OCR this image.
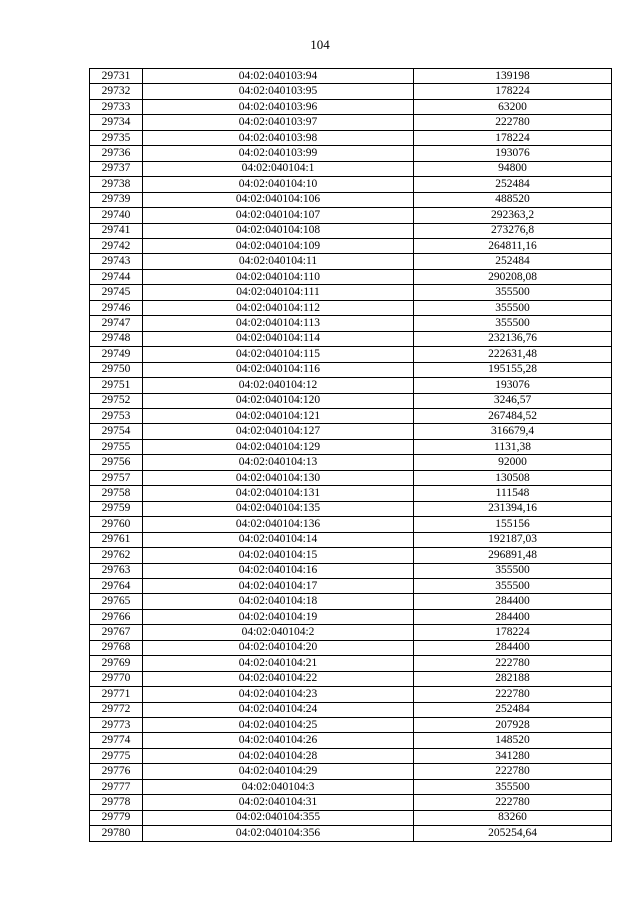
104
29731	04:02:040103:94	139198
29732	04:02:040103:95	178224
29733	04:02:040103:96	63200
29734	04:02:040103:97	222780
29735	04:02:040103:98	178224
29736	04:02:040103:99	193076
29737	04:02:040104:1	94800
29738	04:02:040104:10	252484
29739	04:02:040104:106	488520
29740	04:02:040104:107	292363,2
29741	04:02:040104:108	273276,8
29742	04:02:040104:109	264811,16
29743	04:02:040104:11	252484
29744	04:02:040104:110	290208,08
29745	04:02:040104:111	355500
29746	04:02:040104:112	355500
29747	04:02:040104:113	355500
29748	04:02:040104:114	232136,76
29749	04:02:040104:115	222631,48
29750	04:02:040104:116	195155,28
29751	04:02:040104:12	193076
29752	04:02:040104:120	3246,57
29753	04:02:040104:121	267484,52
29754	04:02:040104:127	316679,4
29755	04:02:040104:129	1131,38
29756	04:02:040104:13	92000
29757	04:02:040104:130	130508
29758	04:02:040104:131	111548
29759	04:02:040104:135	231394,16
29760	04:02:040104:136	155156
29761	04:02:040104:14	192187,03
29762	04:02:040104:15	296891,48
29763	04:02:040104:16	355500
29764	04:02:040104:17	355500
29765	04:02:040104:18	284400
29766	04:02:040104:19	284400
29767	04:02:040104:2	178224
29768	04:02:040104:20	284400
29769	04:02:040104:21	222780
29770	04:02:040104:22	282188
29771	04:02:040104:23	222780
29772	04:02:040104:24	252484
29773	04:02:040104:25	207928
29774	04:02:040104:26	148520
29775	04:02:040104:28	341280
29776	04:02:040104:29	222780
29777	04:02:040104:3	355500
29778	04:02:040104:31	222780
29779	04:02:040104:355	83260
29780	04:02:040104:356	205254,64
